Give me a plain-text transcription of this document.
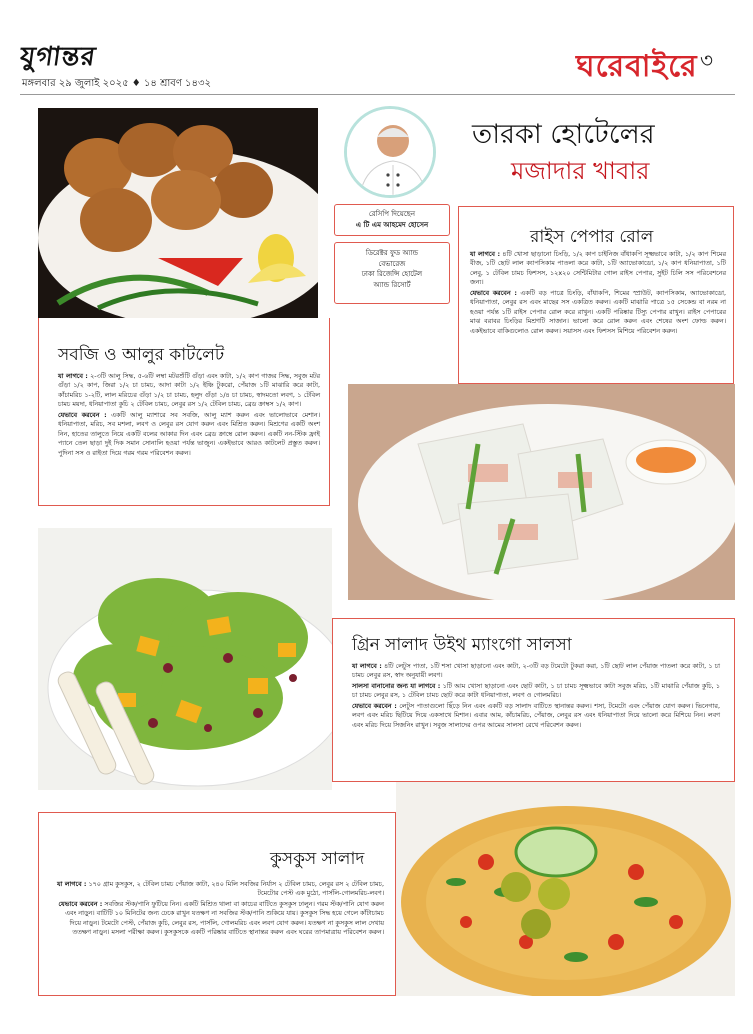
যুগান্তর
মঙ্গলবার ২৯ জুলাই ২০২৫ ♦ ১৪ শ্রাবণ ১৪৩২	ঘরেবাইরে ৩
রেসিপি দিয়েছেন
এ টি এম আহমেদ হোসেন
ডিরেক্টর ফুড অ্যান্ড
বেভারেজ
ঢাকা রিজেন্সি হোটেল
অ্যান্ড রিসোর্ট
তারকা হোটেলের
মজাদার খাবার
সবজি ও আলুর কাটলেট

যা লাগবে : ২-৩টি আলু সিদ্ধ, ৫-৬টি লম্বা মটরশুঁটি গুঁড়া এবং কাটা, ১/২ কাপ গাজর সিদ্ধ, সবুজ মটর গুঁড়া ১/২ কাপ, জিরা ১/২ চা চামচ, আদা কাটা ১/২ ইঞ্চি টুকরো, পেঁয়াজ ১টি মাঝারি করে কাটা, কাঁচামরিচ ১-২টি, লাল মরিচের গুঁড়া ১/২ চা চামচ, হলুদ গুঁড়া ১/৪ চা চামচ, স্বাদমতো লবণ, ১ টেবিল চামচ ময়দা, ধনিয়াপাতা কুচি ২ টেবিল চামচ, লেবুর রস ১/২ টেবিল চামচ, ব্রেড ক্রাম্বস ১/২ কাপ।

যেভাবে করবেন : একটি আলু ম্যাশারে সব সবজি, আলু ম্যাশ করুন এবং ভালোভাবে মেশান। ধনিয়াপাতা, মরিচ, সব মশলা, লবণ ও লেবুর রস যোগ করুন এবং মিশ্রিত করুন। মিশ্রণের একটি অংশ নিন, হাতের তালুতে নিয়ে একটি বলের আকার দিন এবং ব্রেড ক্রাম্বে রোল করুন। একটি নন-স্টিক ফ্রাই প্যানে তেল ছাড়া দুই দিক সমান সোনালি হওয়া পর্যন্ত ভাজুন। একইভাবে আরও কাটলেট প্রস্তুত করুন। পুদিনা সস ও রাইতা দিয়ে গরম গরম পরিবেশন করুন।

রাইস পেপার রোল

যা লাগবে : ৪টি খোসা ছাড়ানো চিংড়ি, ১/২ কাপ চাইনিজ বাঁধাকপি সূক্ষ্মভাবে কাটা, ১/২ কাপ শিমের বীজ, ১টি ছোট লাল ক্যাপসিকাম পাতলা করে কাটা, ১টি অ্যাভোকাডো, ১/২ কাপ ধনিয়াপাতা, ১টি লেবু, ১ টেবিল চামচ ফিশসস, ১২x২০ সেন্টিমিটার গোল রাইস পেপার, সুইট চিলি সস পরিবেশনের জন্য।

যেভাবে করবেন : একটি বড় পাত্রে চিংড়ি, বাঁধাকপি, শিমের স্প্রাউট, ক্যাপসিকাম, অ্যাভোকাডো, ধনিয়াপাতা, লেবুর রস এবং মাছের সস একত্রিত করুন। একটি মাঝারি পাত্রে ১৫ সেকেন্ড বা নরম না হওয়া পর্যন্ত ১টি রাইস পেপার রোল করে রাখুন। একটি পরিষ্কার টিস্যু পেপার রাখুন। রাইস পেপারের মাঝ বরাবর চিংড়ির মিশ্রণটি সাজান। ভালো করে রোল করুন এবং শেষের অংশ ফোল্ড করুন। একইভাবে বাকিগুলোও রোল করুন। সয়াসস এবং ফিশসস মিশিয়ে পরিবেশন করুন।

গ্রিন সালাদ উইথ ম্যাংগো সালসা

যা লাগবে : ৪টি লেটুস পাতা, ১টি শসা খোসা ছাড়ানো এবং কাটা, ২-৩টি বড় টমেটো টুকরা করা, ১টি ছোট লাল পেঁয়াজ পাতলা করে কাটা, ১ চা চামচ লেবুর রস, স্বাদ অনুযায়ী লবণ।

সালসা বানানোর জন্য যা লাগবে : ১টি আম খোসা ছাড়ানো এবং ছোট কাটা, ১ চা চামচ সূক্ষ্মভাবে কাটা সবুজ মরিচ, ১টি মাঝারি পেঁয়াজ কুচি, ১ চা চামচ লেবুর রস, ১ টেবিল চামচ ছোট করে কাটা ধনিয়াপাতা, লবণ ও গোলমরিচ।

যেভাবে করবেন : লেটুস পাতাগুলো ছিঁড়ে নিন এবং একটি বড় সালাদ বাটিতে স্থানান্তর করুন। শসা, টমেটো এবং পেঁয়াজ যোগ করুন। ভিনেগার, লবণ এবং মরিচ ছিটিয়ে দিয়ে একসাথে মিশান। এবার আম, কাঁচামরিচ, পেঁয়াজ, লেবুর রস এবং ধনিয়াপাতা দিয়ে ভালো করে মিশিয়ে নিন। লবণ এবং মরিচ দিয়ে সিজনিং রাখুন। সবুজ সালাদের ওপর আমের সালসা রেখে পরিবেশন করুন।

কুসকুস সালাদ

যা লাগবে : ১৭০ গ্রাম কুসকুস, ২ টেবিল চামচ পেঁয়াজ কাটা, ২৪০ মিলি সবজির নির্যাস ২ টেবিল চামচ, লেবুর রস ২ টেবিল চামচ, টমেটোর পেস্ট এক মুঠো, পার্সলি-গোলমরিচ-লবণ।

যেভাবে করবেন : সবজির স্টক/পানি ফুটিয়ে নিন। একটি মিশ্রিত থালা বা কাচের বাটিতে কুসকুস ঢালুন। গরম স্টক/পানি যোগ করুন এবং নাড়ুন। বাটিটি ১০ মিনিটের জন্য ঢেকে রাখুন যতক্ষণ না সবজির স্টক/পানি শুকিয়ে যায়। কুসকুস সিদ্ধ হয়ে গেলে কাঁটাচামচ দিয়ে নাড়ুন। টমেটো পেস্ট, পেঁয়াজ কুচি, লেবুর রস, পার্সলি, গোলমরিচ এবং লবণ যোগ করুন। যতক্ষণ না কুসকুস লাল দেখায় ততক্ষণ নাড়ুন। মসলা পরীক্ষা করুন। কুসকুসকে একটি পরিষ্কার বাটিতে স্থানান্তর করুন এবং ঘরের তাপমাত্রায় পরিবেশন করুন।
